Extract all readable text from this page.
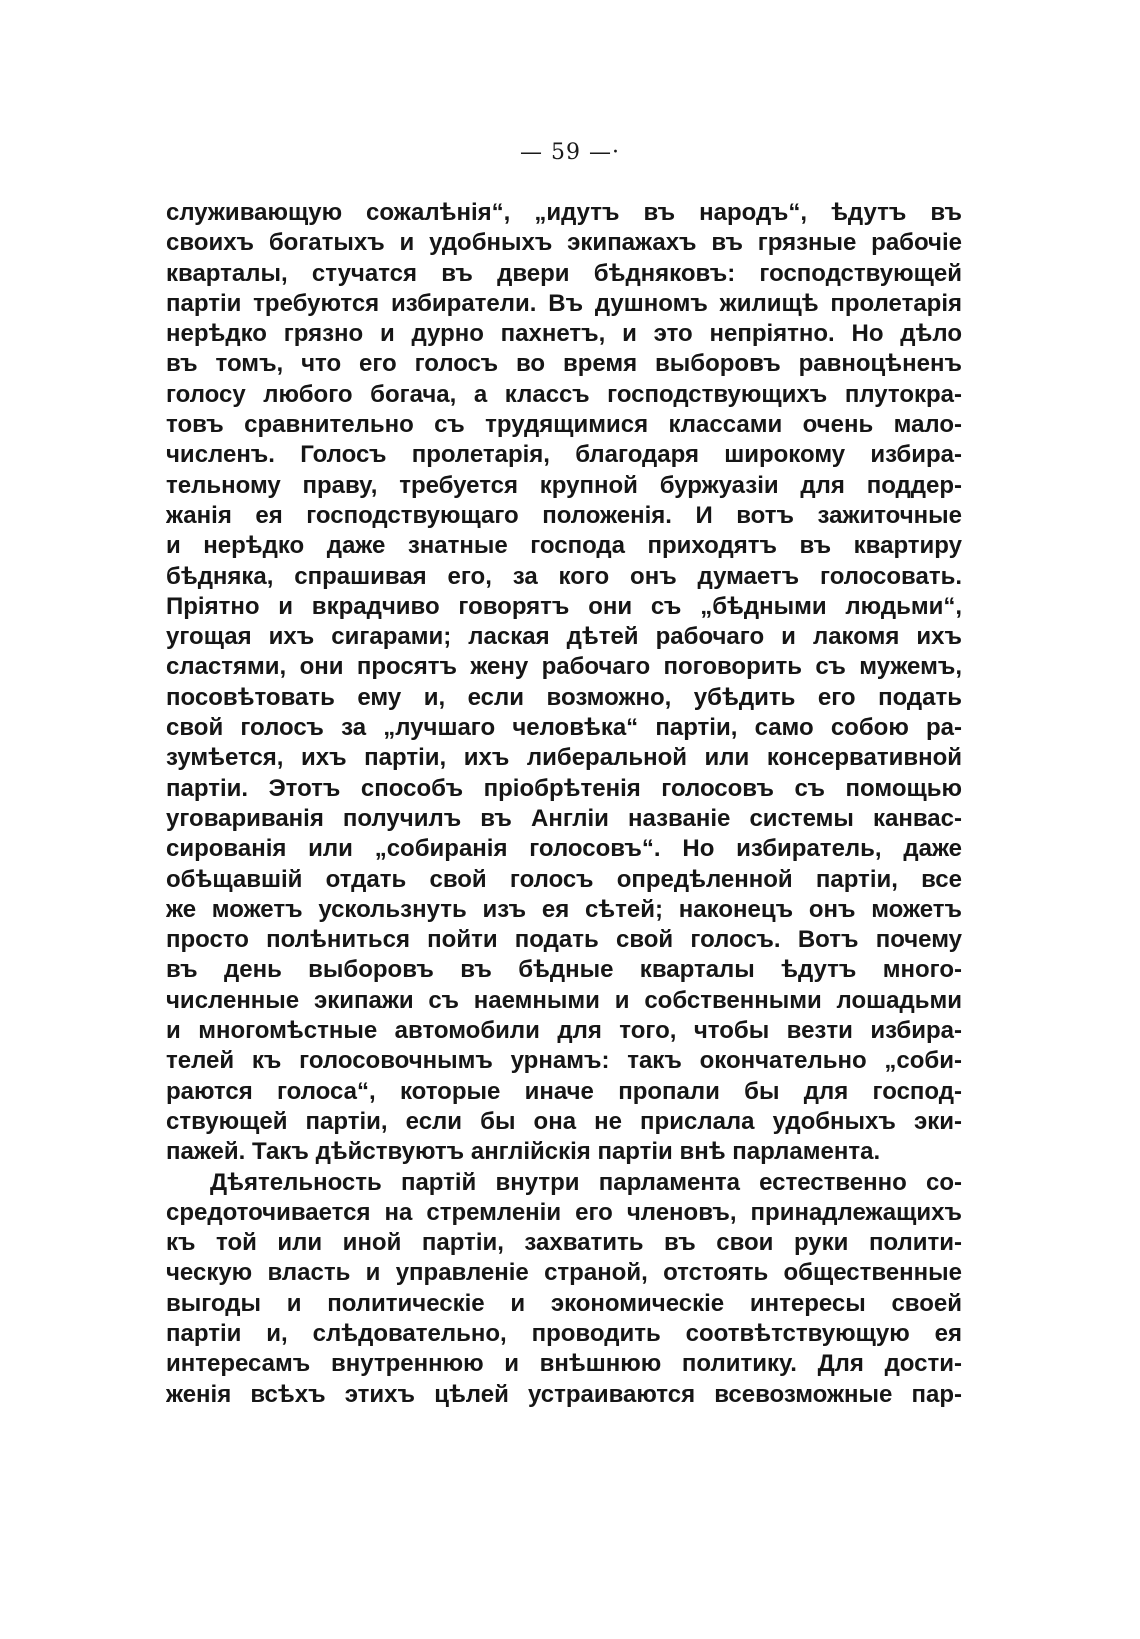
— 59 —·
служивающую сожалѣнія“, „идутъ въ народъ“, ѣдутъ въ
своихъ богатыхъ и удобныхъ экипажахъ въ грязные рабочіе
кварталы, стучатся въ двери бѣдняковъ: господствующей
партіи требуются избиратели. Въ душномъ жилищѣ пролетарія
нерѣдко грязно и дурно пахнетъ, и это непріятно. Но дѣло
въ томъ, что его голосъ во время выборовъ равноцѣненъ
голосу любого богача, а классъ господствующихъ плутокра-
товъ сравнительно съ трудящимися классами очень мало-
численъ. Голосъ пролетарія, благодаря широкому избира-
тельному праву, требуется крупной буржуазіи для поддер-
жанія ея господствующаго положенія. И вотъ зажиточные
и нерѣдко даже знатные господа приходятъ въ квартиру
бѣдняка, спрашивая его, за кого онъ думаетъ голосовать.
Пріятно и вкрадчиво говорятъ они съ „бѣдными людьми“,
угощая ихъ сигарами; лаская дѣтей рабочаго и лакомя ихъ
сластями, они просятъ жену рабочаго поговорить съ мужемъ,
посовѣтовать ему и, если возможно, убѣдить его подать
свой голосъ за „лучшаго человѣка“ партіи, само собою ра-
зумѣется, ихъ партіи, ихъ либеральной или консервативной
партіи. Этотъ способъ пріобрѣтенія голосовъ съ помощью
уговариванія получилъ въ Англіи названіе системы канвас-
сированія или „собиранія голосовъ“. Но избиратель, даже
обѣщавшій отдать свой голосъ опредѣленной партіи, все
же можетъ ускользнуть изъ ея сѣтей; наконецъ онъ можетъ
просто полѣниться пойти подать свой голосъ. Вотъ почему
въ день выборовъ въ бѣдные кварталы ѣдутъ много-
численные экипажи съ наемными и собственными лошадьми
и многомѣстные автомобили для того, чтобы везти избира-
телей къ голосовочнымъ урнамъ: такъ окончательно „соби-
раются голоса“, которые иначе пропали бы для господ-
ствующей партіи, если бы она не прислала удобныхъ эки-
пажей. Такъ дѣйствуютъ англійскія партіи внѣ парламента.
Дѣятельность партій внутри парламента естественно со-
средоточивается на стремленіи его членовъ, принадлежащихъ
къ той или иной партіи, захватить въ свои руки полити-
ческую власть и управленіе страной, отстоять общественные
выгоды и политическіе и экономическіе интересы своей
партіи и, слѣдовательно, проводить соотвѣтствующую ея
интересамъ внутреннюю и внѣшнюю политику. Для дости-
женія всѣхъ этихъ цѣлей устраиваются всевозможные пар-
